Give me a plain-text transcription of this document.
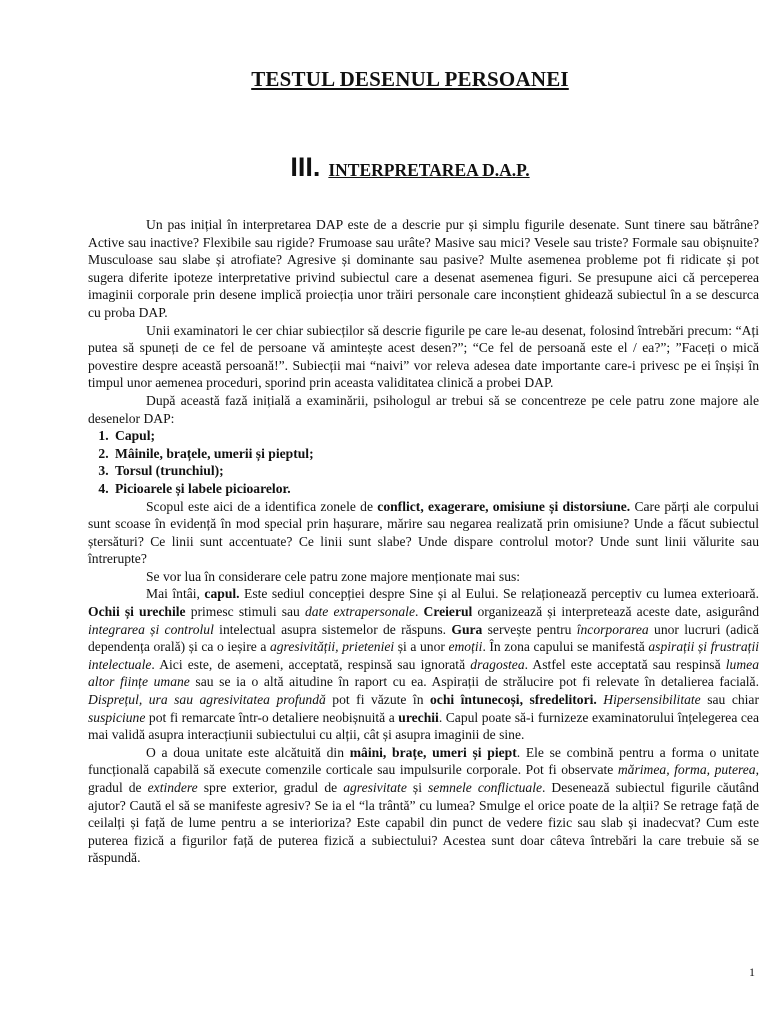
TESTUL DESENUL PERSOANEI
III. INTERPRETAREA D.A.P.

Un pas inițial în interpretarea DAP este de a descrie pur și simplu figurile desenate. Sunt tinere sau bătrâne? Active sau inactive? Flexibile sau rigide? Frumoase sau urâte? Masive sau mici? Vesele sau triste? Formale sau obișnuite? Musculoase sau slabe și atrofiate? Agresive și dominante sau pasive? Multe asemenea probleme pot fi ridicate și pot sugera diferite ipoteze interpretative privind subiectul care a desenat asemenea figuri. Se presupune aici că perceperea imaginii corporale prin desene implică proiecția unor trăiri personale care inconștient ghidează subiectul în a se descurca cu proba DAP.

Unii examinatori le cer chiar subiecților să descrie figurile pe care le-au desenat, folosind întrebări precum: “Ați putea să spuneți de ce fel de persoane vă amintește acest desen?”; “Ce fel de persoană este el / ea?”; ”Faceți o mică povestire despre această persoană!”. Subiecții mai “naivi” vor releva adesea date importante care-i privesc pe ei înșiși în timpul unor aemenea proceduri, sporind prin aceasta validitatea clinică a probei DAP.

După această fază inițială a examinării, psihologul ar trebui să se concentreze pe cele patru zone majore ale desenelor DAP:

1. Capul;
2. Mâinile, brațele, umerii și pieptul;
3. Torsul (trunchiul);
4. Picioarele și labele picioarelor.

Scopul este aici de a identifica zonele de conflict, exagerare, omisiune și distorsiune. Care părți ale corpului sunt scoase în evidență în mod special prin hașurare, mărire sau negarea realizată prin omisiune? Unde a făcut subiectul ștersături? Ce linii sunt accentuate? Ce linii sunt slabe? Unde dispare controlul motor? Unde sunt linii vălurite sau întrerupte?

Se vor lua în considerare cele patru zone majore menționate mai sus:

Mai întâi, capul. Este sediul concepției despre Sine și al Eului. Se relaționează perceptiv cu lumea exterioară. Ochii și urechile primesc stimuli sau date extrapersonale. Creierul organizează și interpretează aceste date, asigurând integrarea și controlul intelectual asupra sistemelor de răspuns. Gura servește pentru încorporarea unor lucruri (adică dependența orală) și ca o ieșire a agresivității, prieteniei și a unor emoții. În zona capului se manifestă aspirații și frustrații intelectuale. Aici este, de asemeni, acceptată, respinsă sau ignorată dragostea. Astfel este acceptată sau respinsă lumea altor ființe umane sau se ia o altă aitudine în raport cu ea. Aspirații de strălucire pot fi relevate în detalierea facială. Disprețul, ura sau agresivitatea profundă pot fi văzute în ochi întunecoși, sfredelitori. Hipersensibilitate sau chiar suspiciune pot fi remarcate într-o detaliere neobișnuită a urechii. Capul poate să-i furnizeze examinatorului înțelegerea cea mai validă asupra interacțiunii subiectului cu alții, cât și asupra imaginii de sine.

O a doua unitate este alcătuită din mâini, brațe, umeri și piept. Ele se combină pentru a forma o unitate funcțională capabilă să execute comenzile corticale sau impulsurile corporale. Pot fi observate mărimea, forma, puterea, gradul de extindere spre exterior, gradul de agresivitate și semnele conflictuale. Desenează subiectul figurile căutând ajutor? Caută el să se manifeste agresiv? Se ia el “la trântă” cu lumea? Smulge el orice poate de la alții? Se retrage față de ceilalți și față de lume pentru a se interioriza? Este capabil din punct de vedere fizic sau slab și inadecvat? Cum este puterea fizică a figurilor față de puterea fizică a subiectului? Acestea sunt doar câteva întrebări la care trebuie să se răspundă.

1
